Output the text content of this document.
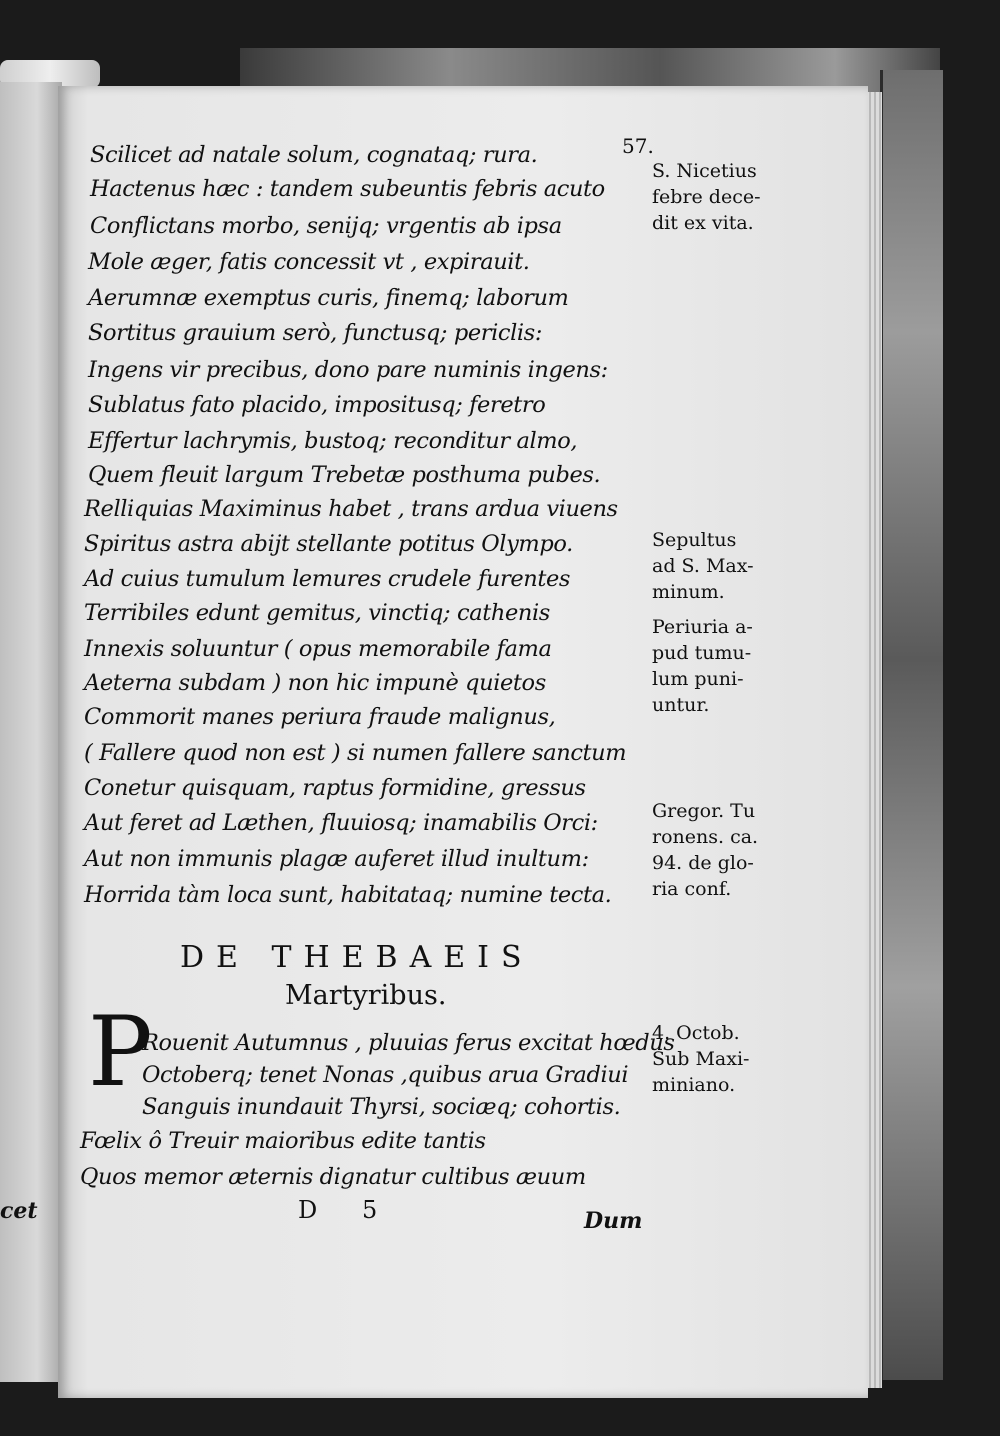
cet
57.
Scilicet ad natale solum, cognataq; rura.
Hactenus hæc : tandem subeuntis febris acuto
Conflictans morbo, senijq; vrgentis ab ipsa
Mole æger, fatis concessit vt , expirauit.
Aerumnæ exemptus curis, finemq; laborum
Sortitus grauium serò, functusq; periclis:
Ingens vir precibus, dono pare numinis ingens:
Sublatus fato placido, impositusq; feretro
Effertur lachrymis, bustoq; reconditur almo,
Quem fleuit largum Trebetæ posthuma pubes.
Relliquias Maximinus habet , trans ardua viuens
Spiritus astra abijt stellante potitus Olympo.
Ad cuius tumulum lemures crudele furentes
Terribiles edunt gemitus, vinctiq; cathenis
Innexis soluuntur ( opus memorabile fama
Aeterna subdam ) non hic impunè quietos
Commorit manes periura fraude malignus,
( Fallere quod non est ) si numen fallere sanctum
Conetur quisquam, raptus formidine, gressus
Aut feret ad Læthen, fluuiosq; inamabilis Orci:
Aut non immunis plagæ auferet illud inultum:
Horrida tàm loca sunt, habitataq; numine tecta.
DE THEBAEIS
Martyribus.
P
Rouenit Autumnus , pluuias ferus excitat hœdus
Octoberq; tenet Nonas ,quibus arua Gradiui
Sanguis inundauit Thyrsi, sociæq; cohortis.
Fœlix ô Treuir maioribus edite tantis
Quos memor æternis dignatur cultibus æuum
S. Nicetius
febre dece-
dit ex vita.
Sepultus
ad S. Max-
minum.
Periuria a-
pud tumu-
lum puni-
untur.
Gregor. Tu
ronens. ca.
94. de glo-
ria conf.
4. Octob.
Sub Maxi-
miniano.
D 5	Dum
